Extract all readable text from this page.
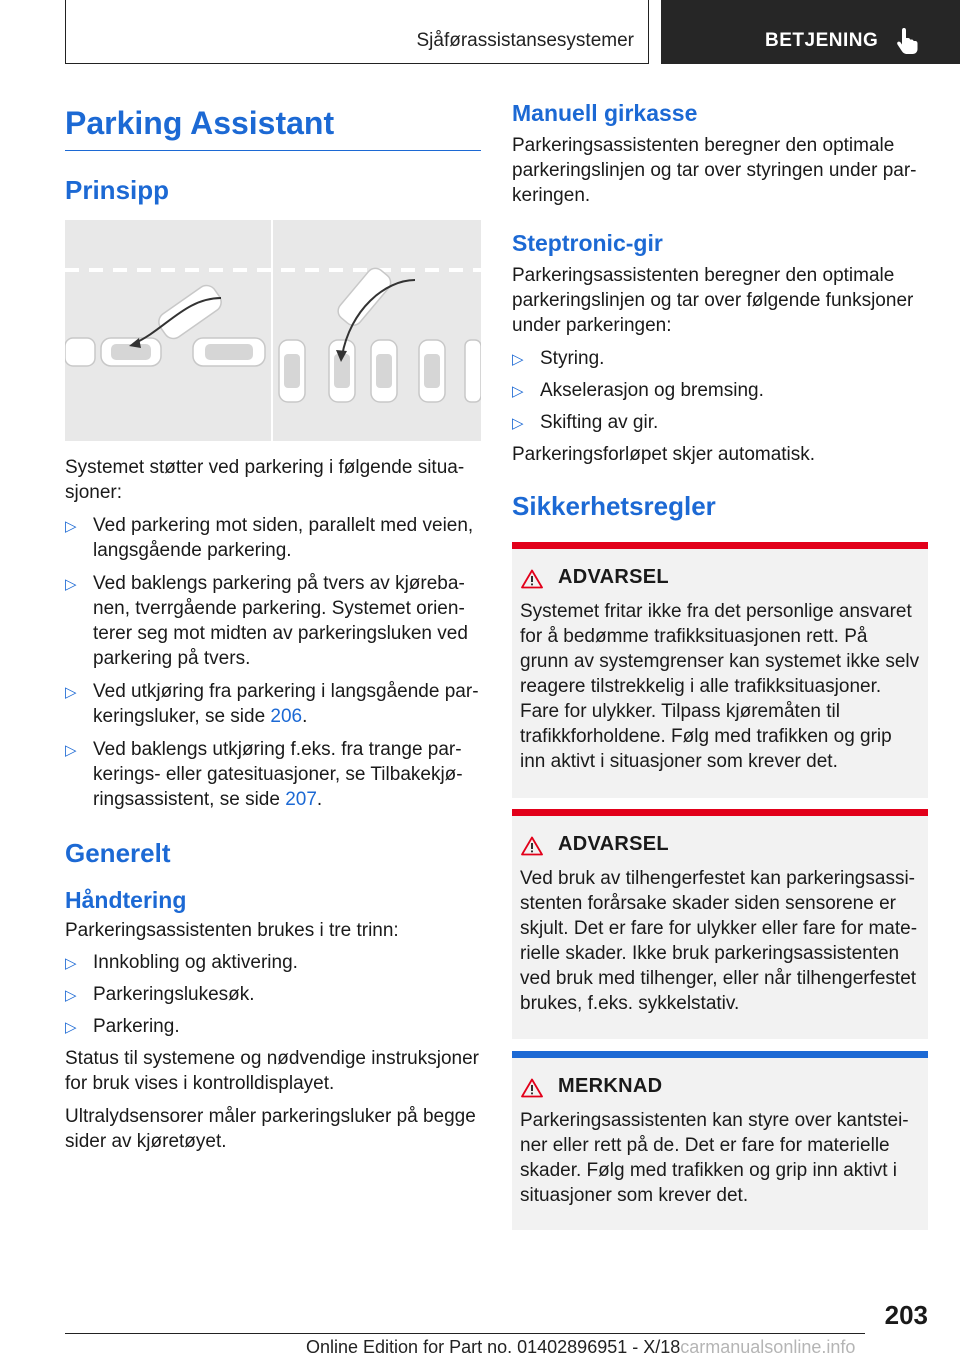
Sjåførassistansesystemer	BETJENING
Parking Assistant
Prinsipp

Systemet støtter ved parkering i følgende situasjoner:

▷ Ved parkering mot siden, parallelt med veien, langsgående parkering.
▷ Ved baklengs parkering på tvers av kjørebanen, tverrgående parkering. Systemet orienterer seg mot midten av parkeringsluken ved parkering på tvers.
▷ Ved utkjøring fra parkering i langsgående parkeringsluker, se side 206.
▷ Ved baklengs utkjøring f.eks. fra trange parkerings- eller gatesituasjoner, se Tilbakekjøringsassistent, se side 207.
Generelt
Håndtering

Parkeringsassistenten brukes i tre trinn:

▷ Innkobling og aktivering.
▷ Parkeringslukesøk.
▷ Parkering.

Status til systemene og nødvendige instruksjoner for bruk vises i kontrolldisplayet.

Ultralydsensorer måler parkeringsluker på begge sider av kjøretøyet.

Manuell girkasse

Parkeringsassistenten beregner den optimale parkeringslinjen og tar over styringen under parkeringen.

Steptronic-gir

Parkeringsassistenten beregner den optimale parkeringslinjen og tar over følgende funksjoner under parkeringen:

▷ Styring.
▷ Akselerasjon og bremsing.
▷ Skifting av gir.

Parkeringsforløpet skjer automatisk.

Sikkerhetsregler
ADVARSEL
Systemet fritar ikke fra det personlige ansvaret for å bedømme trafikksituasjonen rett. På grunn av systemgrenser kan systemet ikke selv reagere tilstrekkelig i alle trafikksituasjoner. Fare for ulykker. Tilpass kjøremåten til trafikkforholdene. Følg med trafikken og grip inn aktivt i situasjoner som krever det.
ADVARSEL
Ved bruk av tilhengerfestet kan parkeringsassistenten forårsake skader siden sensorene er skjult. Det er fare for ulykker eller fare for materielle skader. Ikke bruk parkeringsassistenten ved bruk med tilhenger, eller når tilhengerfestet brukes, f.eks. sykkelstativ.
MERKNAD
Parkeringsassistenten kan styre over kantsteiner eller rett på de. Det er fare for materielle skader. Følg med trafikken og grip inn aktivt i situasjoner som krever det.
203
Online Edition for Part no. 01402896951 - X/18carmanualsonline.info
